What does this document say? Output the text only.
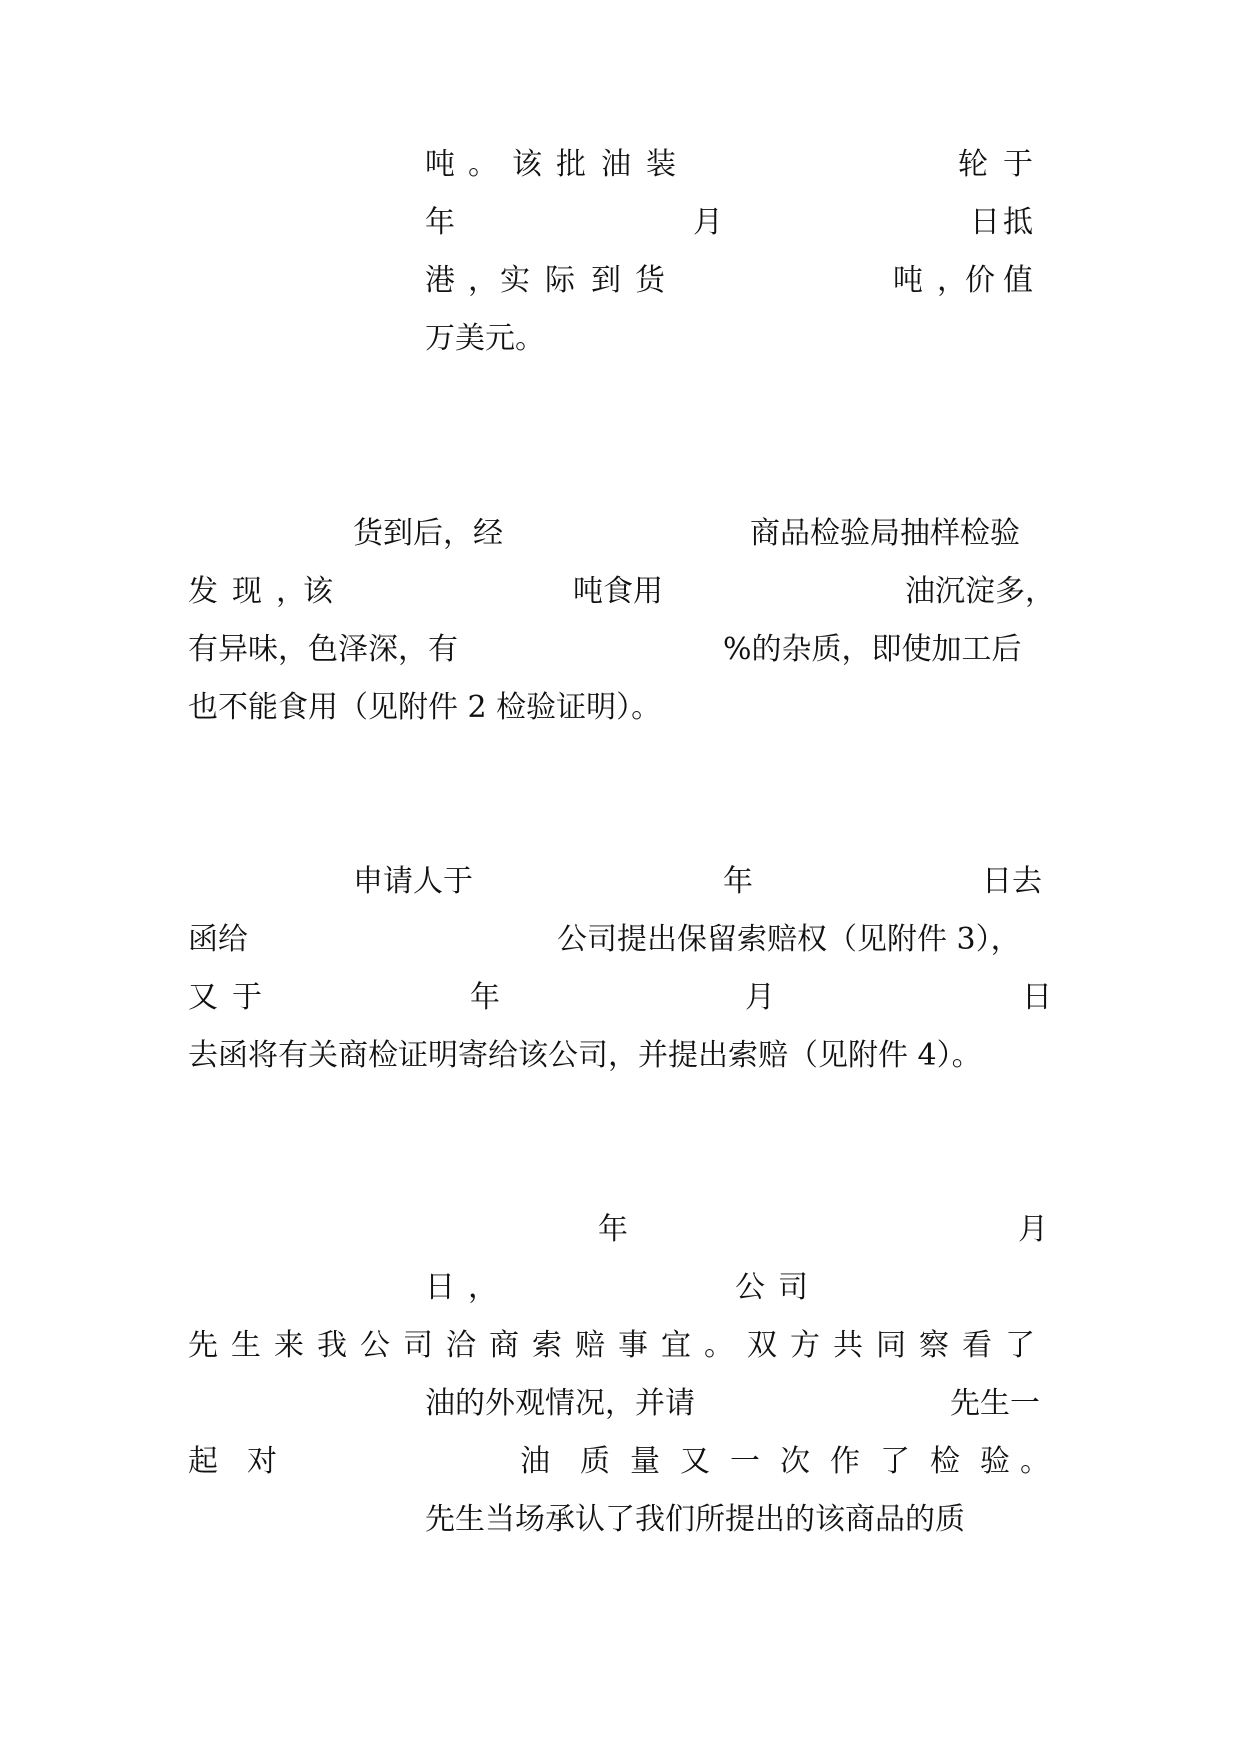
吨 。 该 批 油 装	轮 于
年	月	日 抵
港 ， 实 际 到 货	吨 ，
价 值
万美元。
货到后，经	商品检验局抽样检验
发 现 ，
该	吨食用	油沉淀多，
有异味，色泽深，有	%的杂质，即使加工后
也不能食用（见附件 2 检验证明）。
申请人于	年	日去
函给	公司提出保留索赔权（见附件 3），
又 于	年	月	日
去函将有关商检证明寄给该公司，并提出索赔（见附件 4）。
年	月
日 ，	公 司
先 生 来 我 公 司 洽 商 索 赔 事 宜 。 双 方 共 同 察 看 了
油的外观情况，并请	先生一
起 对	油 质 量 又 一 次 作 了 检 验 。
先生当场承认了我们所提出的该商品的质
